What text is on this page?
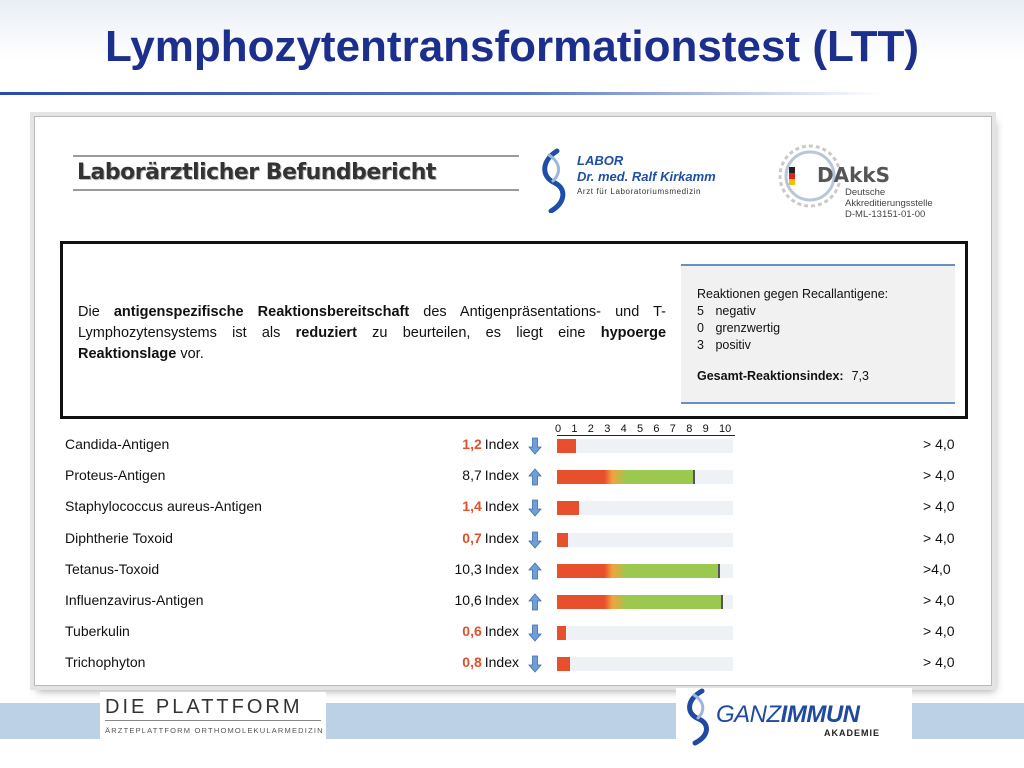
Lymphozytentransformationstest (LTT)
Laborärztlicher Befundbericht	LABOR
Dr. med. Ralf Kirkamm
Arzt für Laboratoriumsmedizin
DAkkS
Deutsche
Akkreditierungsstelle
D-ML-13151-01-00
Die antigenspezifische Reaktionsbereitschaft des Antigenpräsentations- und T-Lymphozytensystems ist als reduziert zu beurteilen, es liegt eine hypoerge Reaktionslage vor.
Reaktionen gegen Recallantigene:
5 negativ
0 grenzwertig
3 positiv
Gesamt-Reaktionsindex: 7,3
0 1 2 3 4 5 6 7 8 9 10
Candida-Antigen	1,2 Index	> 4,0
Proteus-Antigen	8,7 Index	> 4,0
Staphylococcus aureus-Antigen	1,4 Index	> 4,0
Diphtherie Toxoid	0,7 Index	> 4,0
Tetanus-Toxoid	10,3 Index	>4,0
Influenzavirus-Antigen	10,6 Index	> 4,0
Tuberkulin	0,6 Index	> 4,0
Trichophyton	0,8 Index	> 4,0
DIE PLATTFORM
ÄRZTEPLATTFORM ORTHOMOLEKULARMEDIZIN
GANZIMMUN
AKADEMIE
